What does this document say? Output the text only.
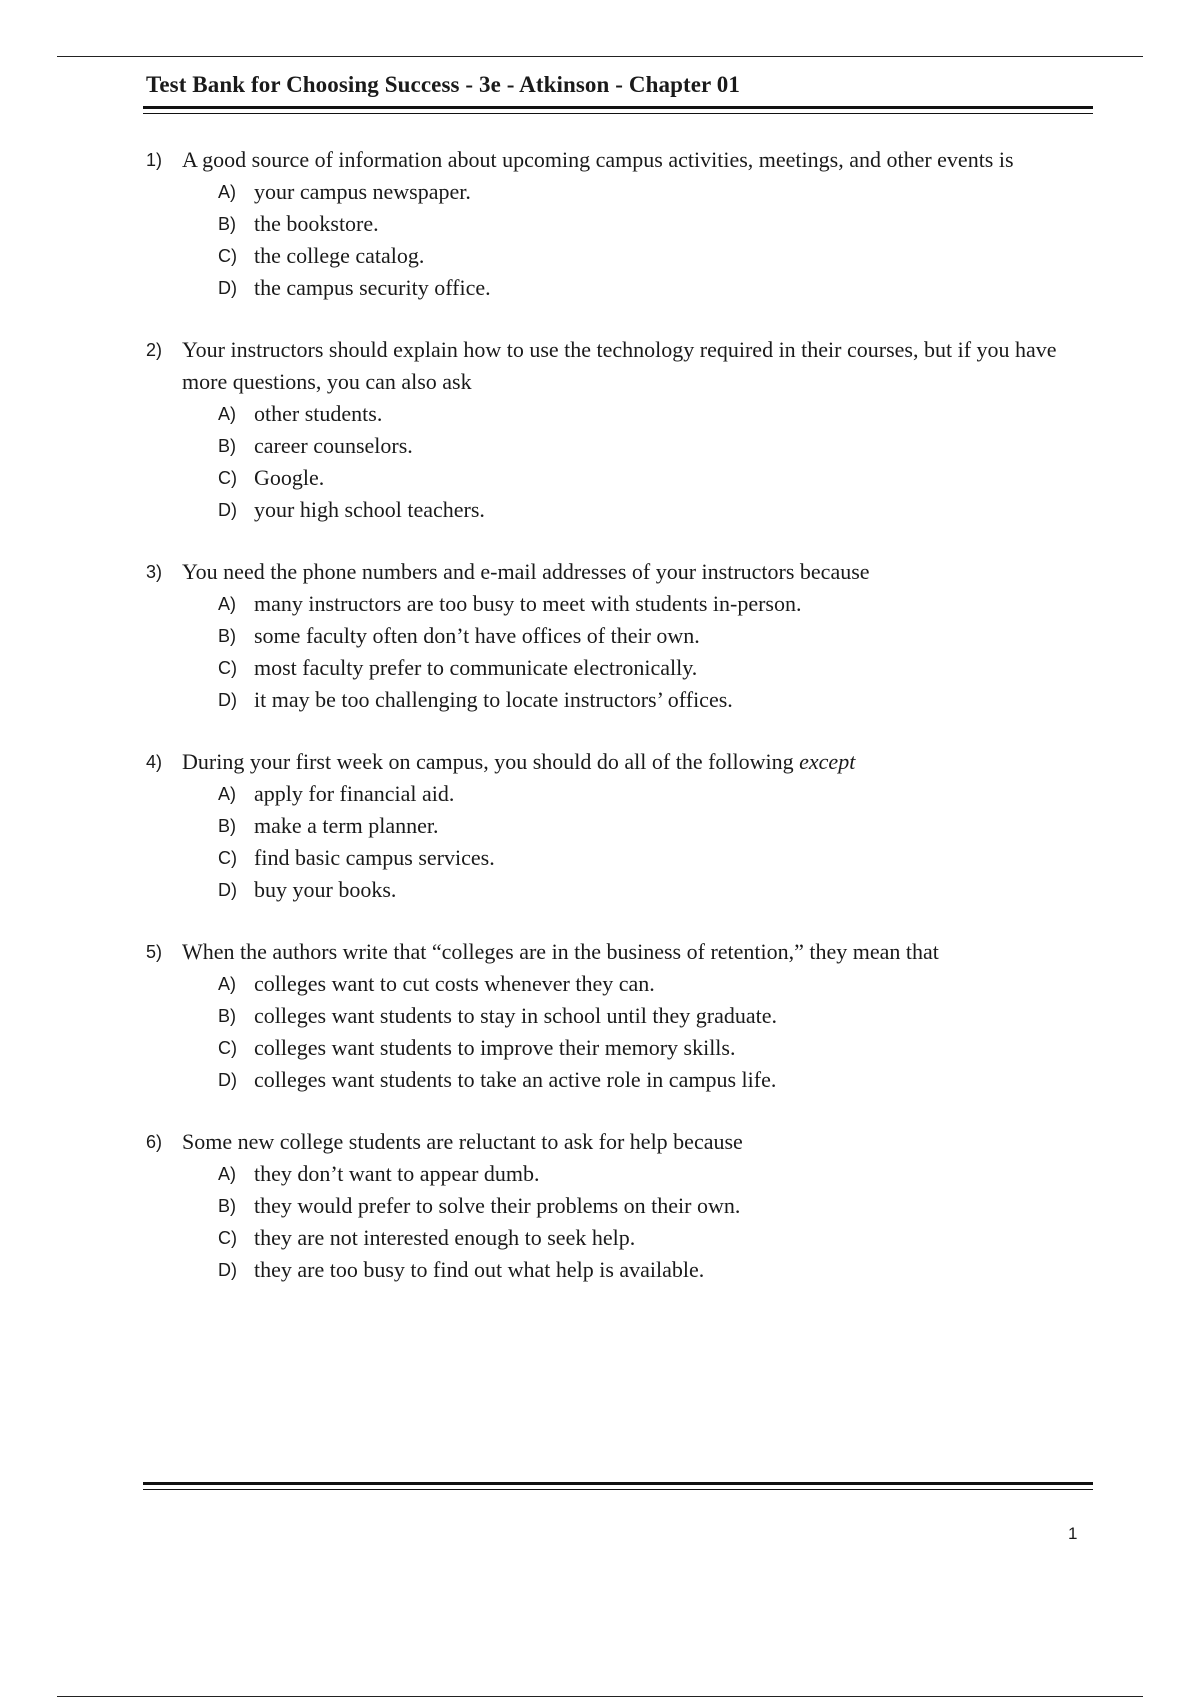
Test Bank for Choosing Success - 3e - Atkinson - Chapter 01
1) A good source of information about upcoming campus activities, meetings, and other events is
A) your campus newspaper.
B) the bookstore.
C) the college catalog.
D) the campus security office.
2) Your instructors should explain how to use the technology required in their courses, but if you have more questions, you can also ask
A) other students.
B) career counselors.
C) Google.
D) your high school teachers.
3) You need the phone numbers and e-mail addresses of your instructors because
A) many instructors are too busy to meet with students in-person.
B) some faculty often don’t have offices of their own.
C) most faculty prefer to communicate electronically.
D) it may be too challenging to locate instructors’ offices.
4) During your first week on campus, you should do all of the following except
A) apply for financial aid.
B) make a term planner.
C) find basic campus services.
D) buy your books.
5) When the authors write that “colleges are in the business of retention,” they mean that
A) colleges want to cut costs whenever they can.
B) colleges want students to stay in school until they graduate.
C) colleges want students to improve their memory skills.
D) colleges want students to take an active role in campus life.
6) Some new college students are reluctant to ask for help because
A) they don’t want to appear dumb.
B) they would prefer to solve their problems on their own.
C) they are not interested enough to seek help.
D) they are too busy to find out what help is available.
1
